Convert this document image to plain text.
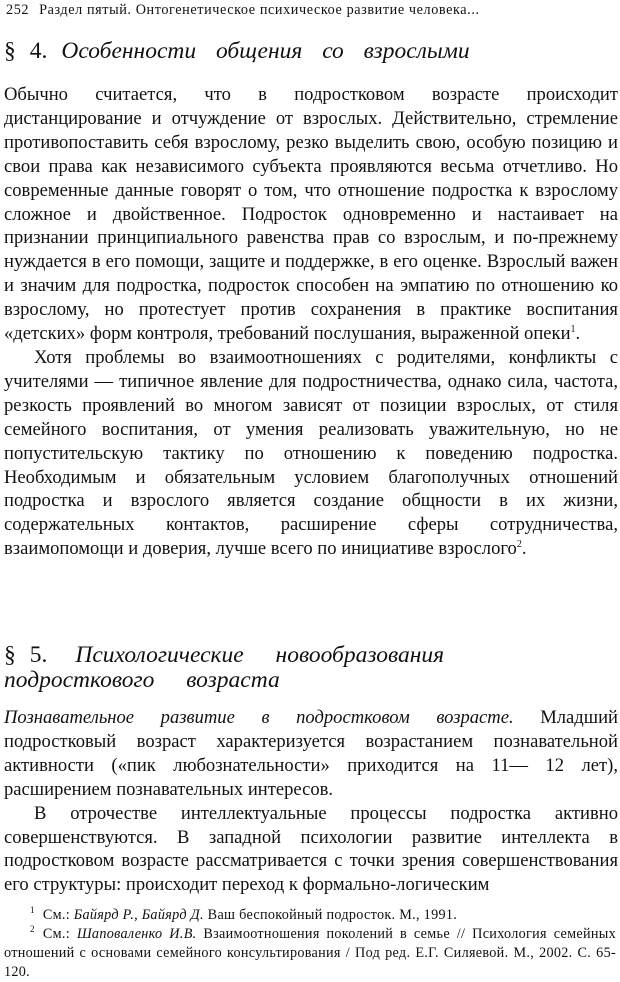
252 Раздел пятый. Онтогенетическое психическое развитие человека...
§ 4. Особенности общения со взрослыми

Обычно считается, что в подростковом возрасте происходит дистанцирование и отчуждение от взрослых. Действительно, стремление противопоставить себя взрослому, резко выделить свою, особую позицию и свои права как независимого субъекта проявляются весьма отчетливо. Но современные данные говорят о том, что отношение подростка к взрослому сложное и двойственное. Подросток одновременно и настаивает на признании принципиального равенства прав со взрослым, и по-прежнему нуждается в его помощи, защите и поддержке, в его оценке. Взрослый важен и значим для подростка, подросток способен на эмпатию по отношению ко взрослому, но протестует против сохранения в практике воспитания «детских» форм контроля, требований послушания, выраженной опеки$^1$.

Хотя проблемы во взаимоотношениях с родителями, конфликты с учителями — типичное явление для подростничества, однако сила, частота, резкость проявлений во многом зависят от позиции взрослых, от стиля семейного воспитания, от умения реализовать уважительную, но не попустительскую тактику по отношению к поведению подростка. Необходимым и обязательным условием благополучных отношений подростка и взрослого является создание общности в их жизни, содержательных контактов, расширение сферы сотрудничества, взаимопомощи и доверия, лучше всего по инициативе взрослого$^2$.

§ 5. Психологические новообразования
подросткового возраста

Познавательное развитие в подростковом возрасте. Младший подростковый возраст характеризуется возрастанием познавательной активности («пик любознательности» приходится на 11— 12 лет), расширением познавательных интересов.

В отрочестве интеллектуальные процессы подростка активно совершенствуются. В западной психологии развитие интеллекта в подростковом возрасте рассматривается с точки зрения совершенствования его структуры: происходит переход к формально-логическим

$^1$ См.: Байярд Р., Байярд Д. Ваш беспокойный подросток. М., 1991.

$^2$ См.: Шаповаленко И.В. Взаимоотношения поколений в семье // Психология семейных отношений с основами семейного консультирования / Под ред. Е.Г. Силяевой. М., 2002. С. 65-120.
